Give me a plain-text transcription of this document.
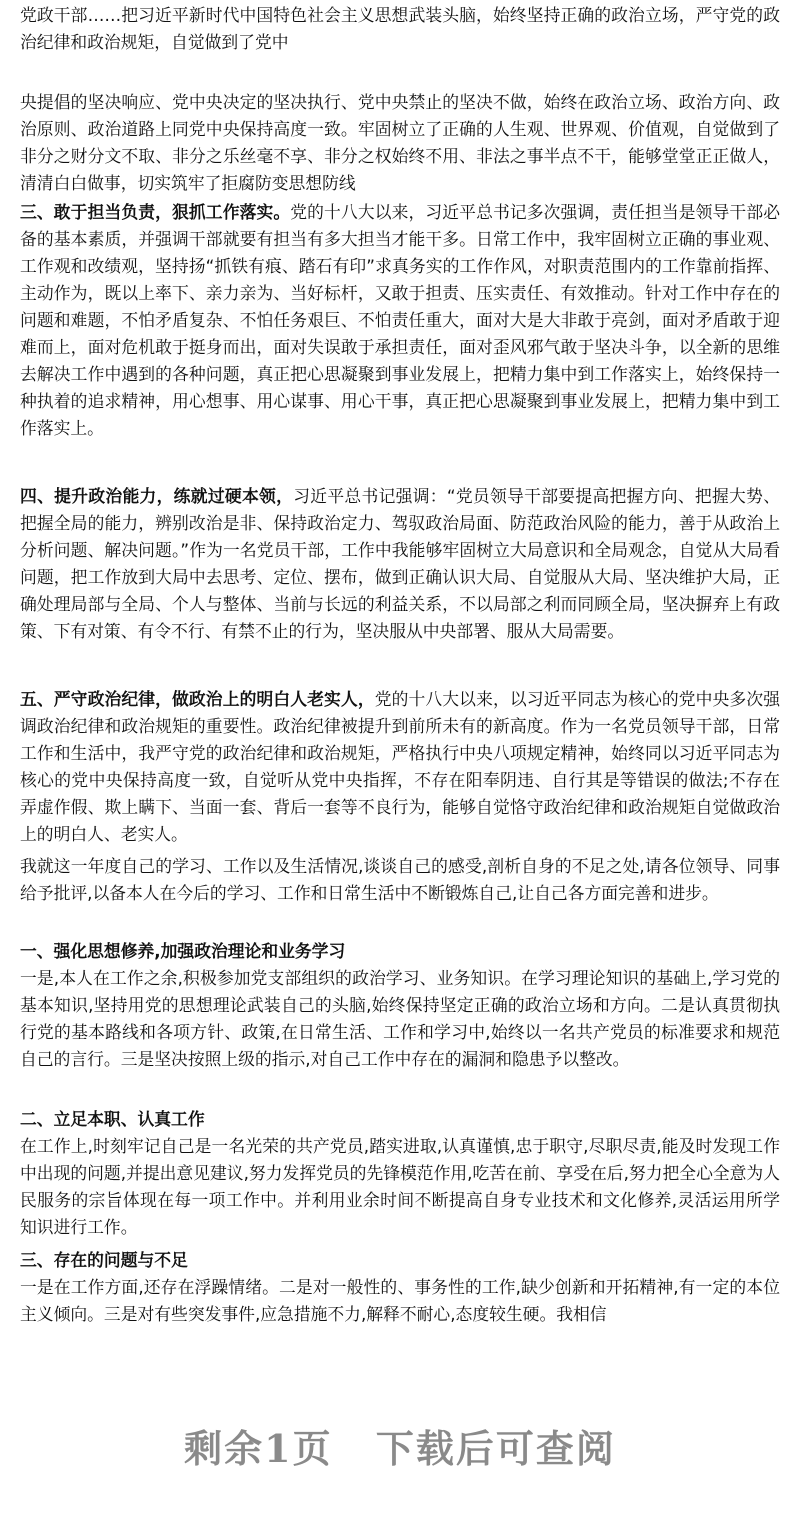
党政干部……把习近平新时代中国特色社会主义思想武装头脑，始终坚持正确的政治立场，严守党的政治纪律和政治规矩，自觉做到了党中

央提倡的坚决响应、党中央决定的坚决执行、党中央禁止的坚决不做，始终在政治立场、政治方向、政治原则、政治道路上同党中央保持高度一致。牢固树立了正确的人生观、世界观、价值观，自觉做到了非分之财分文不取、非分之乐丝毫不享、非分之权始终不用、非法之事半点不干，能够堂堂正正做人，清清白白做事，切实筑牢了拒腐防变思想防线

三、敢于担当负责，狠抓工作落实。党的十八大以来，习近平总书记多次强调，责任担当是领导干部必备的基本素质，并强调干部就要有担当有多大担当才能干多。日常工作中，我牢固树立正确的事业观、工作观和改绩观，坚持扬“抓铁有痕、踏石有印”求真务实的工作作风，对职责范围内的工作靠前指挥、主动作为，既以上率下、亲力亲为、当好标杆，又敢于担责、压实责任、有效推动。针对工作中存在的问题和难题，不怕矛盾复杂、不怕任务艰巨、不怕责任重大，面对大是大非敢于亮剑，面对矛盾敢于迎难而上，面对危机敢于挺身而出，面对失误敢于承担责任，面对歪风邪气敢于坚决斗争，以全新的思维去解决工作中遇到的各种问题，真正把心思凝聚到事业发展上，把精力集中到工作落实上，始终保持一种执着的追求精神，用心想事、用心谋事、用心干事，真正把心思凝聚到事业发展上，把精力集中到工作落实上。

四、提升政治能力，练就过硬本领，习近平总书记强调：“党员领导干部要提高把握方向、把握大势、把握全局的能力，辨别改治是非、保持政治定力、驾驭政治局面、防范政治风险的能力，善于从政治上分析问题、解决问题。”作为一名党员干部，工作中我能够牢固树立大局意识和全局观念，自觉从大局看问题，把工作放到大局中去思考、定位、摆布，做到正确认识大局、自觉服从大局、坚决维护大局，正确处理局部与全局、个人与整体、当前与长远的利益关系，不以局部之利而同顾全局，坚决摒弃上有政策、下有对策、有令不行、有禁不止的行为，坚决服从中央部署、服从大局需要。

五、严守政治纪律，做政治上的明白人老实人，党的十八大以来，以习近平同志为核心的党中央多次强调政治纪律和政治规矩的重要性。政治纪律被提升到前所未有的新高度。作为一名党员领导干部，日常工作和生活中，我严守党的政治纪律和政治规矩，严格执行中央八项规定精神，始终同以习近平同志为核心的党中央保持高度一致，自觉听从党中央指挥，不存在阳奉阴违、自行其是等错误的做法;不存在弄虚作假、欺上瞒下、当面一套、背后一套等不良行为，能够自觉恪守政治纪律和政治规矩自觉做政治上的明白人、老实人。

我就这一年度自己的学习、工作以及生活情况,谈谈自己的感受,剖析自身的不足之处,请各位领导、同事给予批评,以备本人在今后的学习、工作和日常生活中不断锻炼自己,让自己各方面完善和进步。

一、强化思想修养,加强政治理论和业务学习

一是,本人在工作之余,积极参加党支部组织的政治学习、业务知识。在学习理论知识的基础上,学习党的基本知识,坚持用党的思想理论武装自己的头脑,始终保持坚定正确的政治立场和方向。二是认真贯彻执行党的基本路线和各项方针、政策,在日常生活、工作和学习中,始终以一名共产党员的标准要求和规范自己的言行。三是坚决按照上级的指示,对自己工作中存在的漏洞和隐患予以整改。

二、立足本职、认真工作

在工作上,时刻牢记自己是一名光荣的共产党员,踏实进取,认真谨慎,忠于职守,尽职尽责,能及时发现工作中出现的问题,并提出意见建议,努力发挥党员的先锋模范作用,吃苦在前、享受在后,努力把全心全意为人民服务的宗旨体现在每一项工作中。并利用业余时间不断提高自身专业技术和文化修养,灵活运用所学知识进行工作。

三、存在的问题与不足

一是在工作方面,还存在浮躁情绪。二是对一般性的、事务性的工作,缺少创新和开拓精神,有一定的本位主义倾向。三是对有些突发事件,应急措施不力,解释不耐心,态度较生硬。我相信

剩余1页 下载后可查阅
